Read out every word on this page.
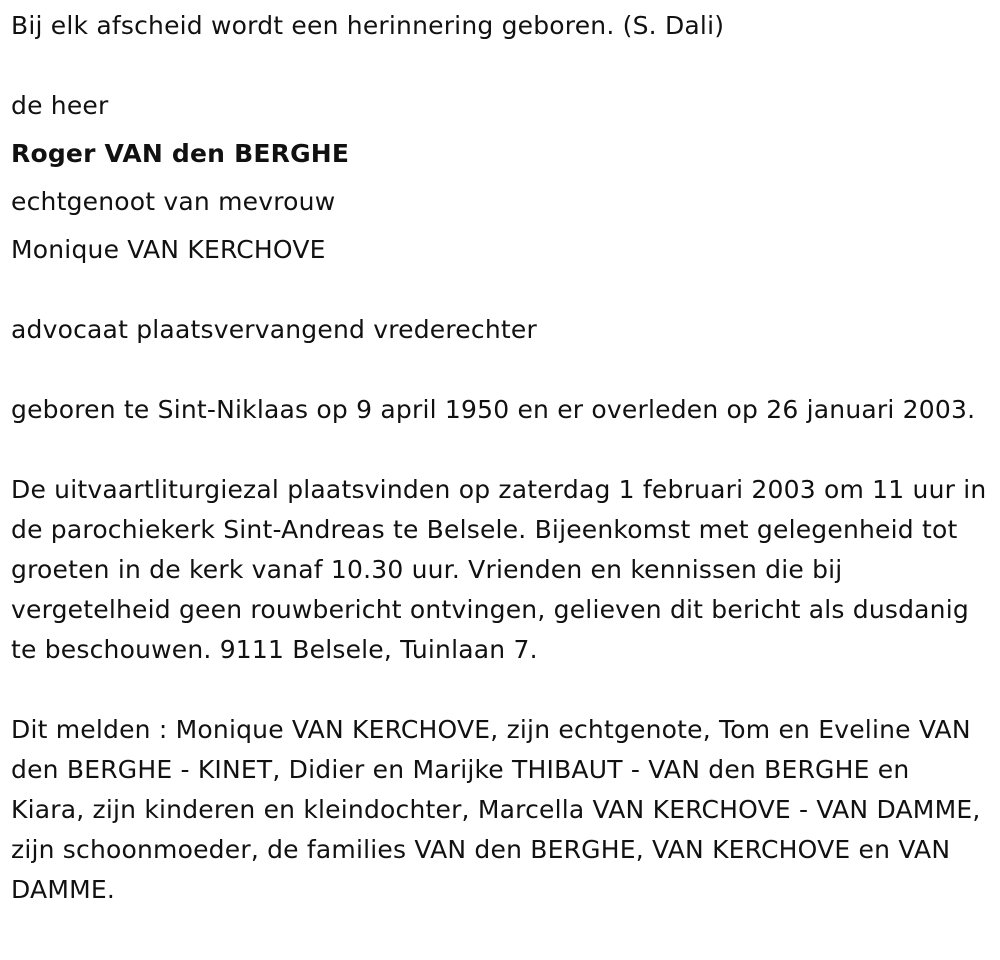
Bij elk afscheid wordt een herinnering geboren. (S. Dali)

de heer

Roger VAN den BERGHE

echtgenoot van mevrouw

Monique VAN KERCHOVE

advocaat plaatsvervangend vrederechter

geboren te Sint-Niklaas op 9 april 1950 en er overleden op 26 januari 2003.

De uitvaartliturgiezal plaatsvinden op zaterdag 1 februari 2003 om 11 uur in de parochiekerk Sint-Andreas te Belsele. Bijeenkomst met gelegenheid tot groeten in de kerk vanaf 10.30 uur. Vrienden en kennissen die bij vergetelheid geen rouwbericht ontvingen, gelieven dit bericht als dusdanig te beschouwen. 9111 Belsele, Tuinlaan 7.

Dit melden : Monique VAN KERCHOVE, zijn echtgenote, Tom en Eveline VAN den BERGHE - KINET, Didier en Marijke THIBAUT - VAN den BERGHE en Kiara, zijn kinderen en kleindochter, Marcella VAN KERCHOVE - VAN DAMME, zijn schoonmoeder, de families VAN den BERGHE, VAN KERCHOVE en VAN DAMME.
